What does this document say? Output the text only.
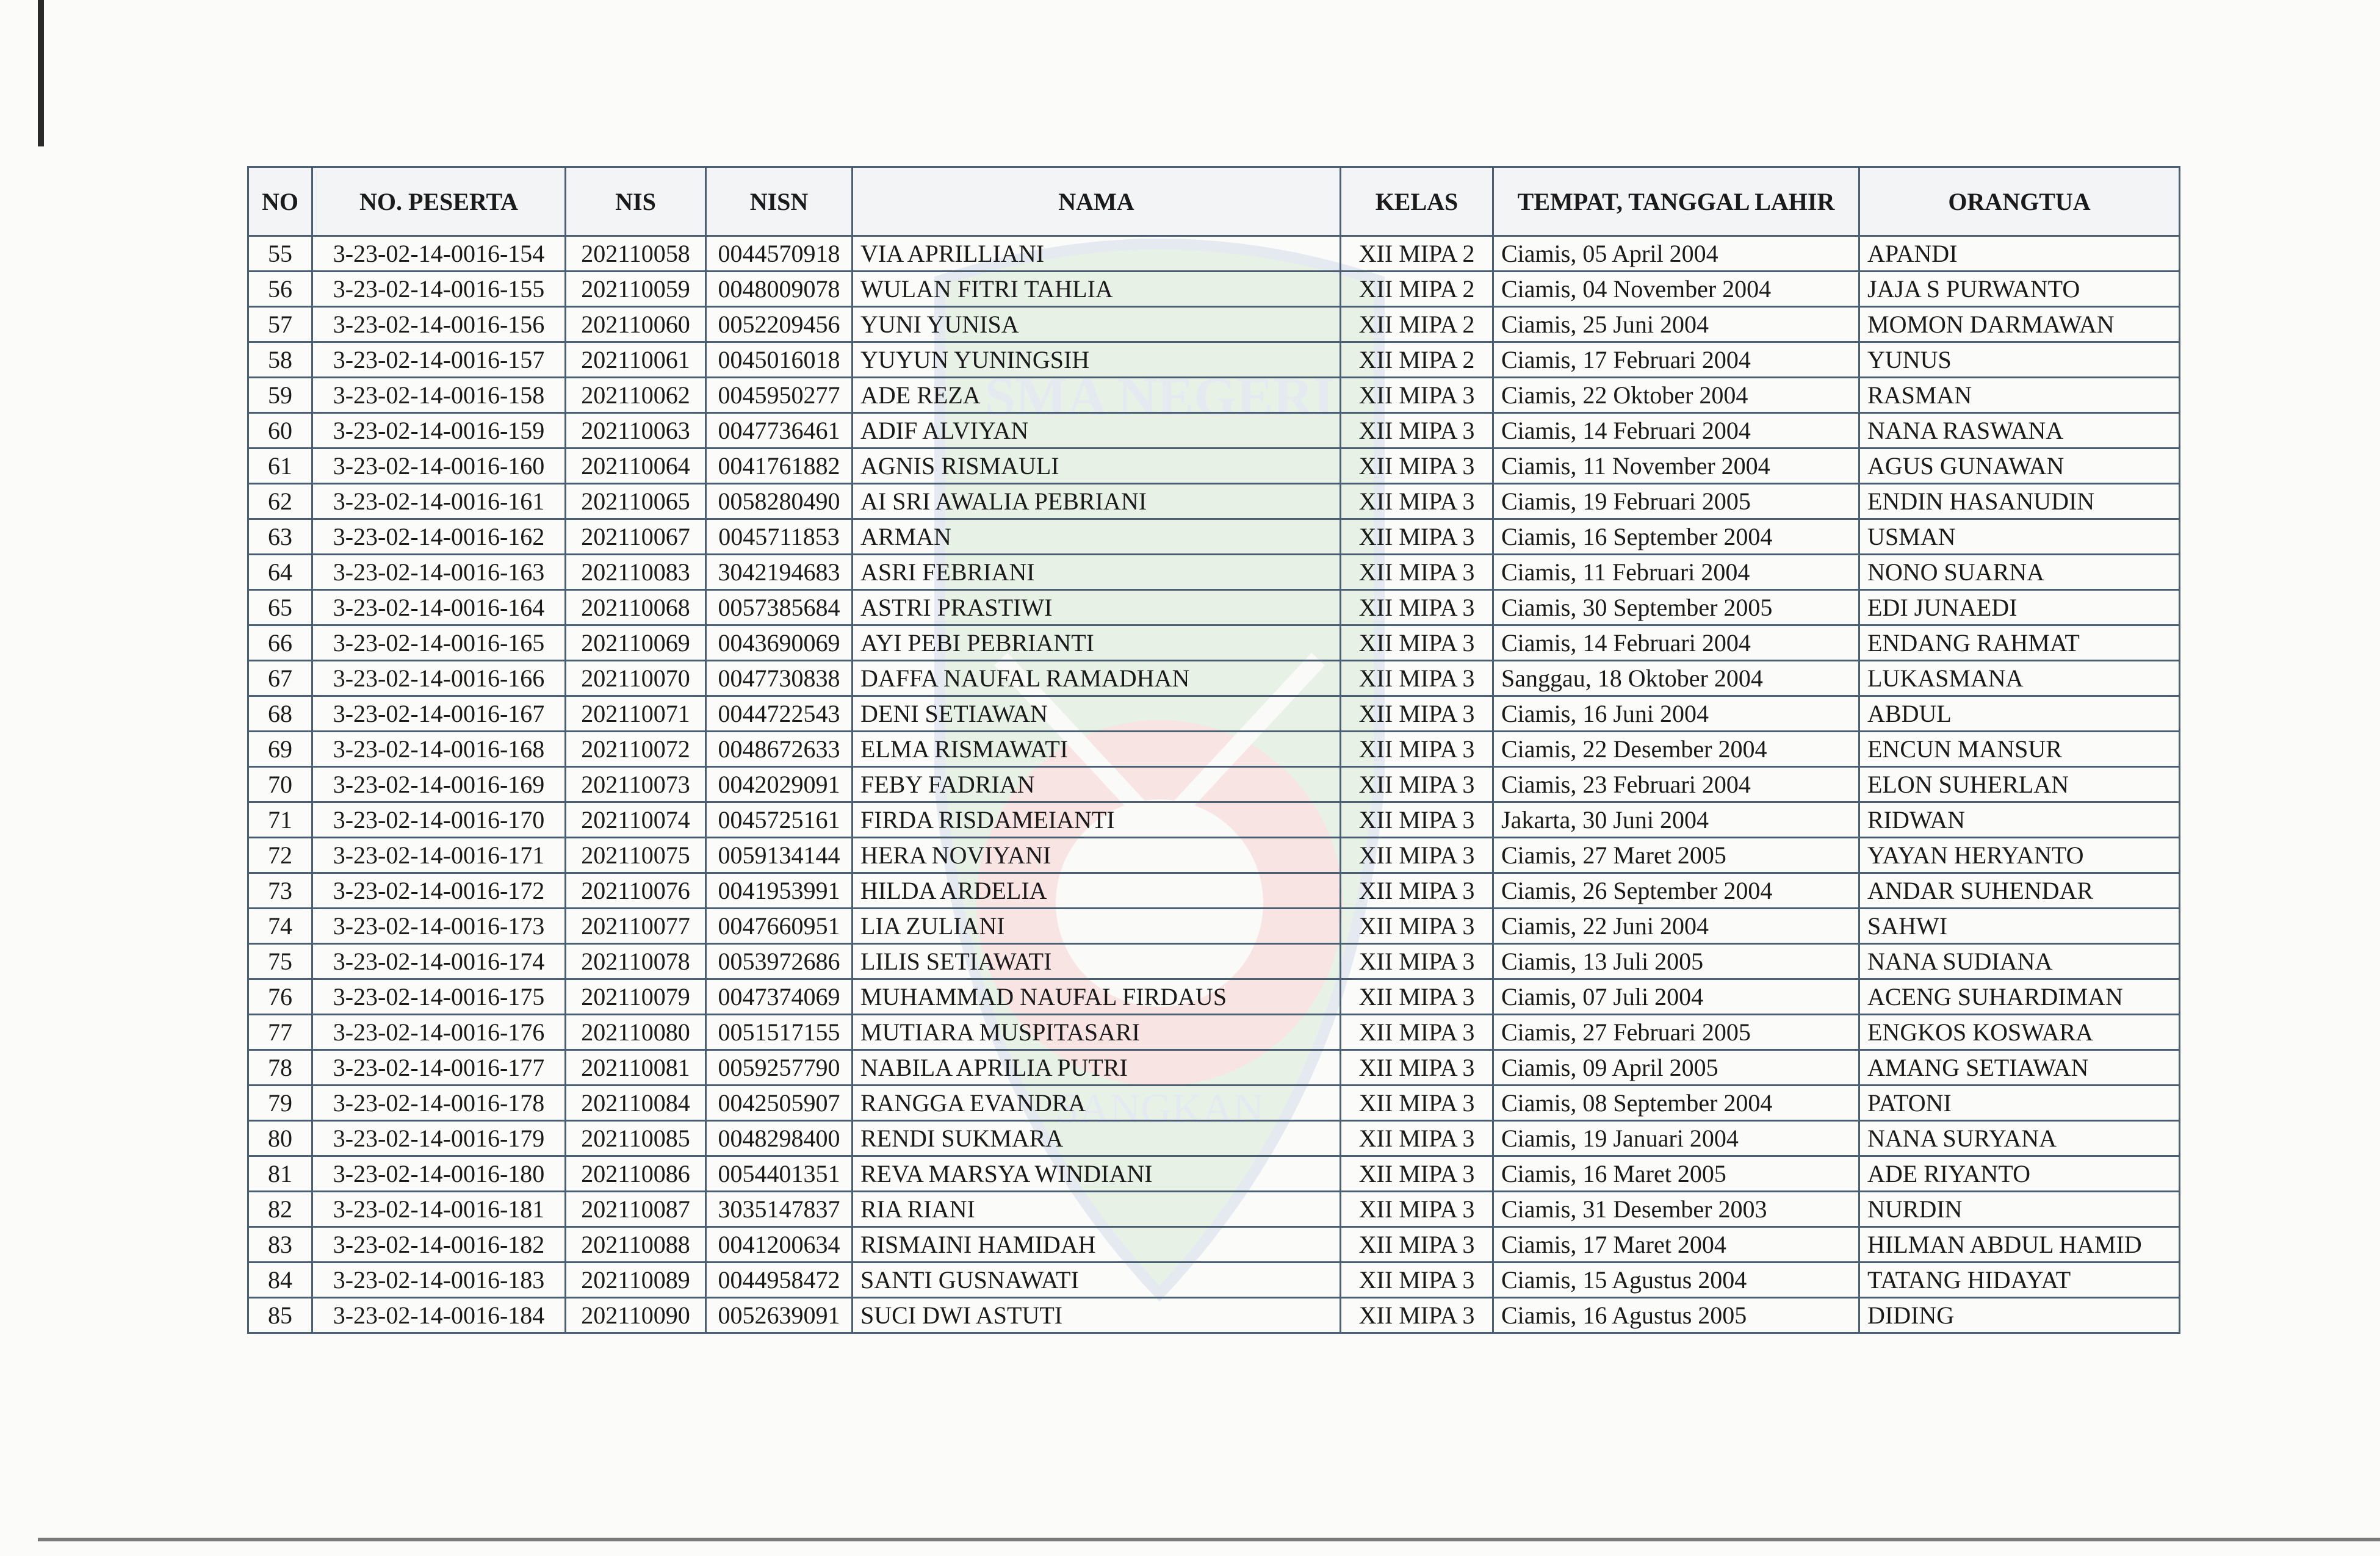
SMA NEGERI
SANGKAN
NO	NO. PESERTA	NIS	NISN	NAMA	KELAS	TEMPAT, TANGGAL LAHIR	ORANGTUA
55	3-23-02-14-0016-154	202110058	0044570918	VIA APRILLIANI	XII MIPA 2	Ciamis, 05 April 2004	APANDI
56	3-23-02-14-0016-155	202110059	0048009078	WULAN FITRI TAHLIA	XII MIPA 2	Ciamis, 04 November 2004	JAJA S PURWANTO
57	3-23-02-14-0016-156	202110060	0052209456	YUNI YUNISA	XII MIPA 2	Ciamis, 25 Juni 2004	MOMON DARMAWAN
58	3-23-02-14-0016-157	202110061	0045016018	YUYUN YUNINGSIH	XII MIPA 2	Ciamis, 17 Februari 2004	YUNUS
59	3-23-02-14-0016-158	202110062	0045950277	ADE REZA	XII MIPA 3	Ciamis, 22 Oktober 2004	RASMAN
60	3-23-02-14-0016-159	202110063	0047736461	ADIF ALVIYAN	XII MIPA 3	Ciamis, 14 Februari 2004	NANA RASWANA
61	3-23-02-14-0016-160	202110064	0041761882	AGNIS RISMAULI	XII MIPA 3	Ciamis, 11 November 2004	AGUS GUNAWAN
62	3-23-02-14-0016-161	202110065	0058280490	AI SRI AWALIA PEBRIANI	XII MIPA 3	Ciamis, 19 Februari 2005	ENDIN HASANUDIN
63	3-23-02-14-0016-162	202110067	0045711853	ARMAN	XII MIPA 3	Ciamis, 16 September 2004	USMAN
64	3-23-02-14-0016-163	202110083	3042194683	ASRI FEBRIANI	XII MIPA 3	Ciamis, 11 Februari 2004	NONO SUARNA
65	3-23-02-14-0016-164	202110068	0057385684	ASTRI PRASTIWI	XII MIPA 3	Ciamis, 30 September 2005	EDI JUNAEDI
66	3-23-02-14-0016-165	202110069	0043690069	AYI PEBI PEBRIANTI	XII MIPA 3	Ciamis, 14 Februari 2004	ENDANG RAHMAT
67	3-23-02-14-0016-166	202110070	0047730838	DAFFA NAUFAL RAMADHAN	XII MIPA 3	Sanggau, 18 Oktober 2004	LUKASMANA
68	3-23-02-14-0016-167	202110071	0044722543	DENI SETIAWAN	XII MIPA 3	Ciamis, 16 Juni 2004	ABDUL
69	3-23-02-14-0016-168	202110072	0048672633	ELMA RISMAWATI	XII MIPA 3	Ciamis, 22 Desember 2004	ENCUN MANSUR
70	3-23-02-14-0016-169	202110073	0042029091	FEBY FADRIAN	XII MIPA 3	Ciamis, 23 Februari 2004	ELON SUHERLAN
71	3-23-02-14-0016-170	202110074	0045725161	FIRDA RISDAMEIANTI	XII MIPA 3	Jakarta, 30 Juni 2004	RIDWAN
72	3-23-02-14-0016-171	202110075	0059134144	HERA NOVIYANI	XII MIPA 3	Ciamis, 27 Maret 2005	YAYAN HERYANTO
73	3-23-02-14-0016-172	202110076	0041953991	HILDA ARDELIA	XII MIPA 3	Ciamis, 26 September 2004	ANDAR SUHENDAR
74	3-23-02-14-0016-173	202110077	0047660951	LIA ZULIANI	XII MIPA 3	Ciamis, 22 Juni 2004	SAHWI
75	3-23-02-14-0016-174	202110078	0053972686	LILIS SETIAWATI	XII MIPA 3	Ciamis, 13 Juli 2005	NANA SUDIANA
76	3-23-02-14-0016-175	202110079	0047374069	MUHAMMAD NAUFAL FIRDAUS	XII MIPA 3	Ciamis, 07 Juli 2004	ACENG SUHARDIMAN
77	3-23-02-14-0016-176	202110080	0051517155	MUTIARA MUSPITASARI	XII MIPA 3	Ciamis, 27 Februari 2005	ENGKOS KOSWARA
78	3-23-02-14-0016-177	202110081	0059257790	NABILA APRILIA PUTRI	XII MIPA 3	Ciamis, 09 April 2005	AMANG SETIAWAN
79	3-23-02-14-0016-178	202110084	0042505907	RANGGA EVANDRA	XII MIPA 3	Ciamis, 08 September 2004	PATONI
80	3-23-02-14-0016-179	202110085	0048298400	RENDI SUKMARA	XII MIPA 3	Ciamis, 19 Januari 2004	NANA SURYANA
81	3-23-02-14-0016-180	202110086	0054401351	REVA MARSYA WINDIANI	XII MIPA 3	Ciamis, 16 Maret 2005	ADE RIYANTO
82	3-23-02-14-0016-181	202110087	3035147837	RIA RIANI	XII MIPA 3	Ciamis, 31 Desember 2003	NURDIN
83	3-23-02-14-0016-182	202110088	0041200634	RISMAINI HAMIDAH	XII MIPA 3	Ciamis, 17 Maret 2004	HILMAN ABDUL HAMID
84	3-23-02-14-0016-183	202110089	0044958472	SANTI GUSNAWATI	XII MIPA 3	Ciamis, 15 Agustus 2004	TATANG HIDAYAT
85	3-23-02-14-0016-184	202110090	0052639091	SUCI DWI ASTUTI	XII MIPA 3	Ciamis, 16 Agustus 2005	DIDING
